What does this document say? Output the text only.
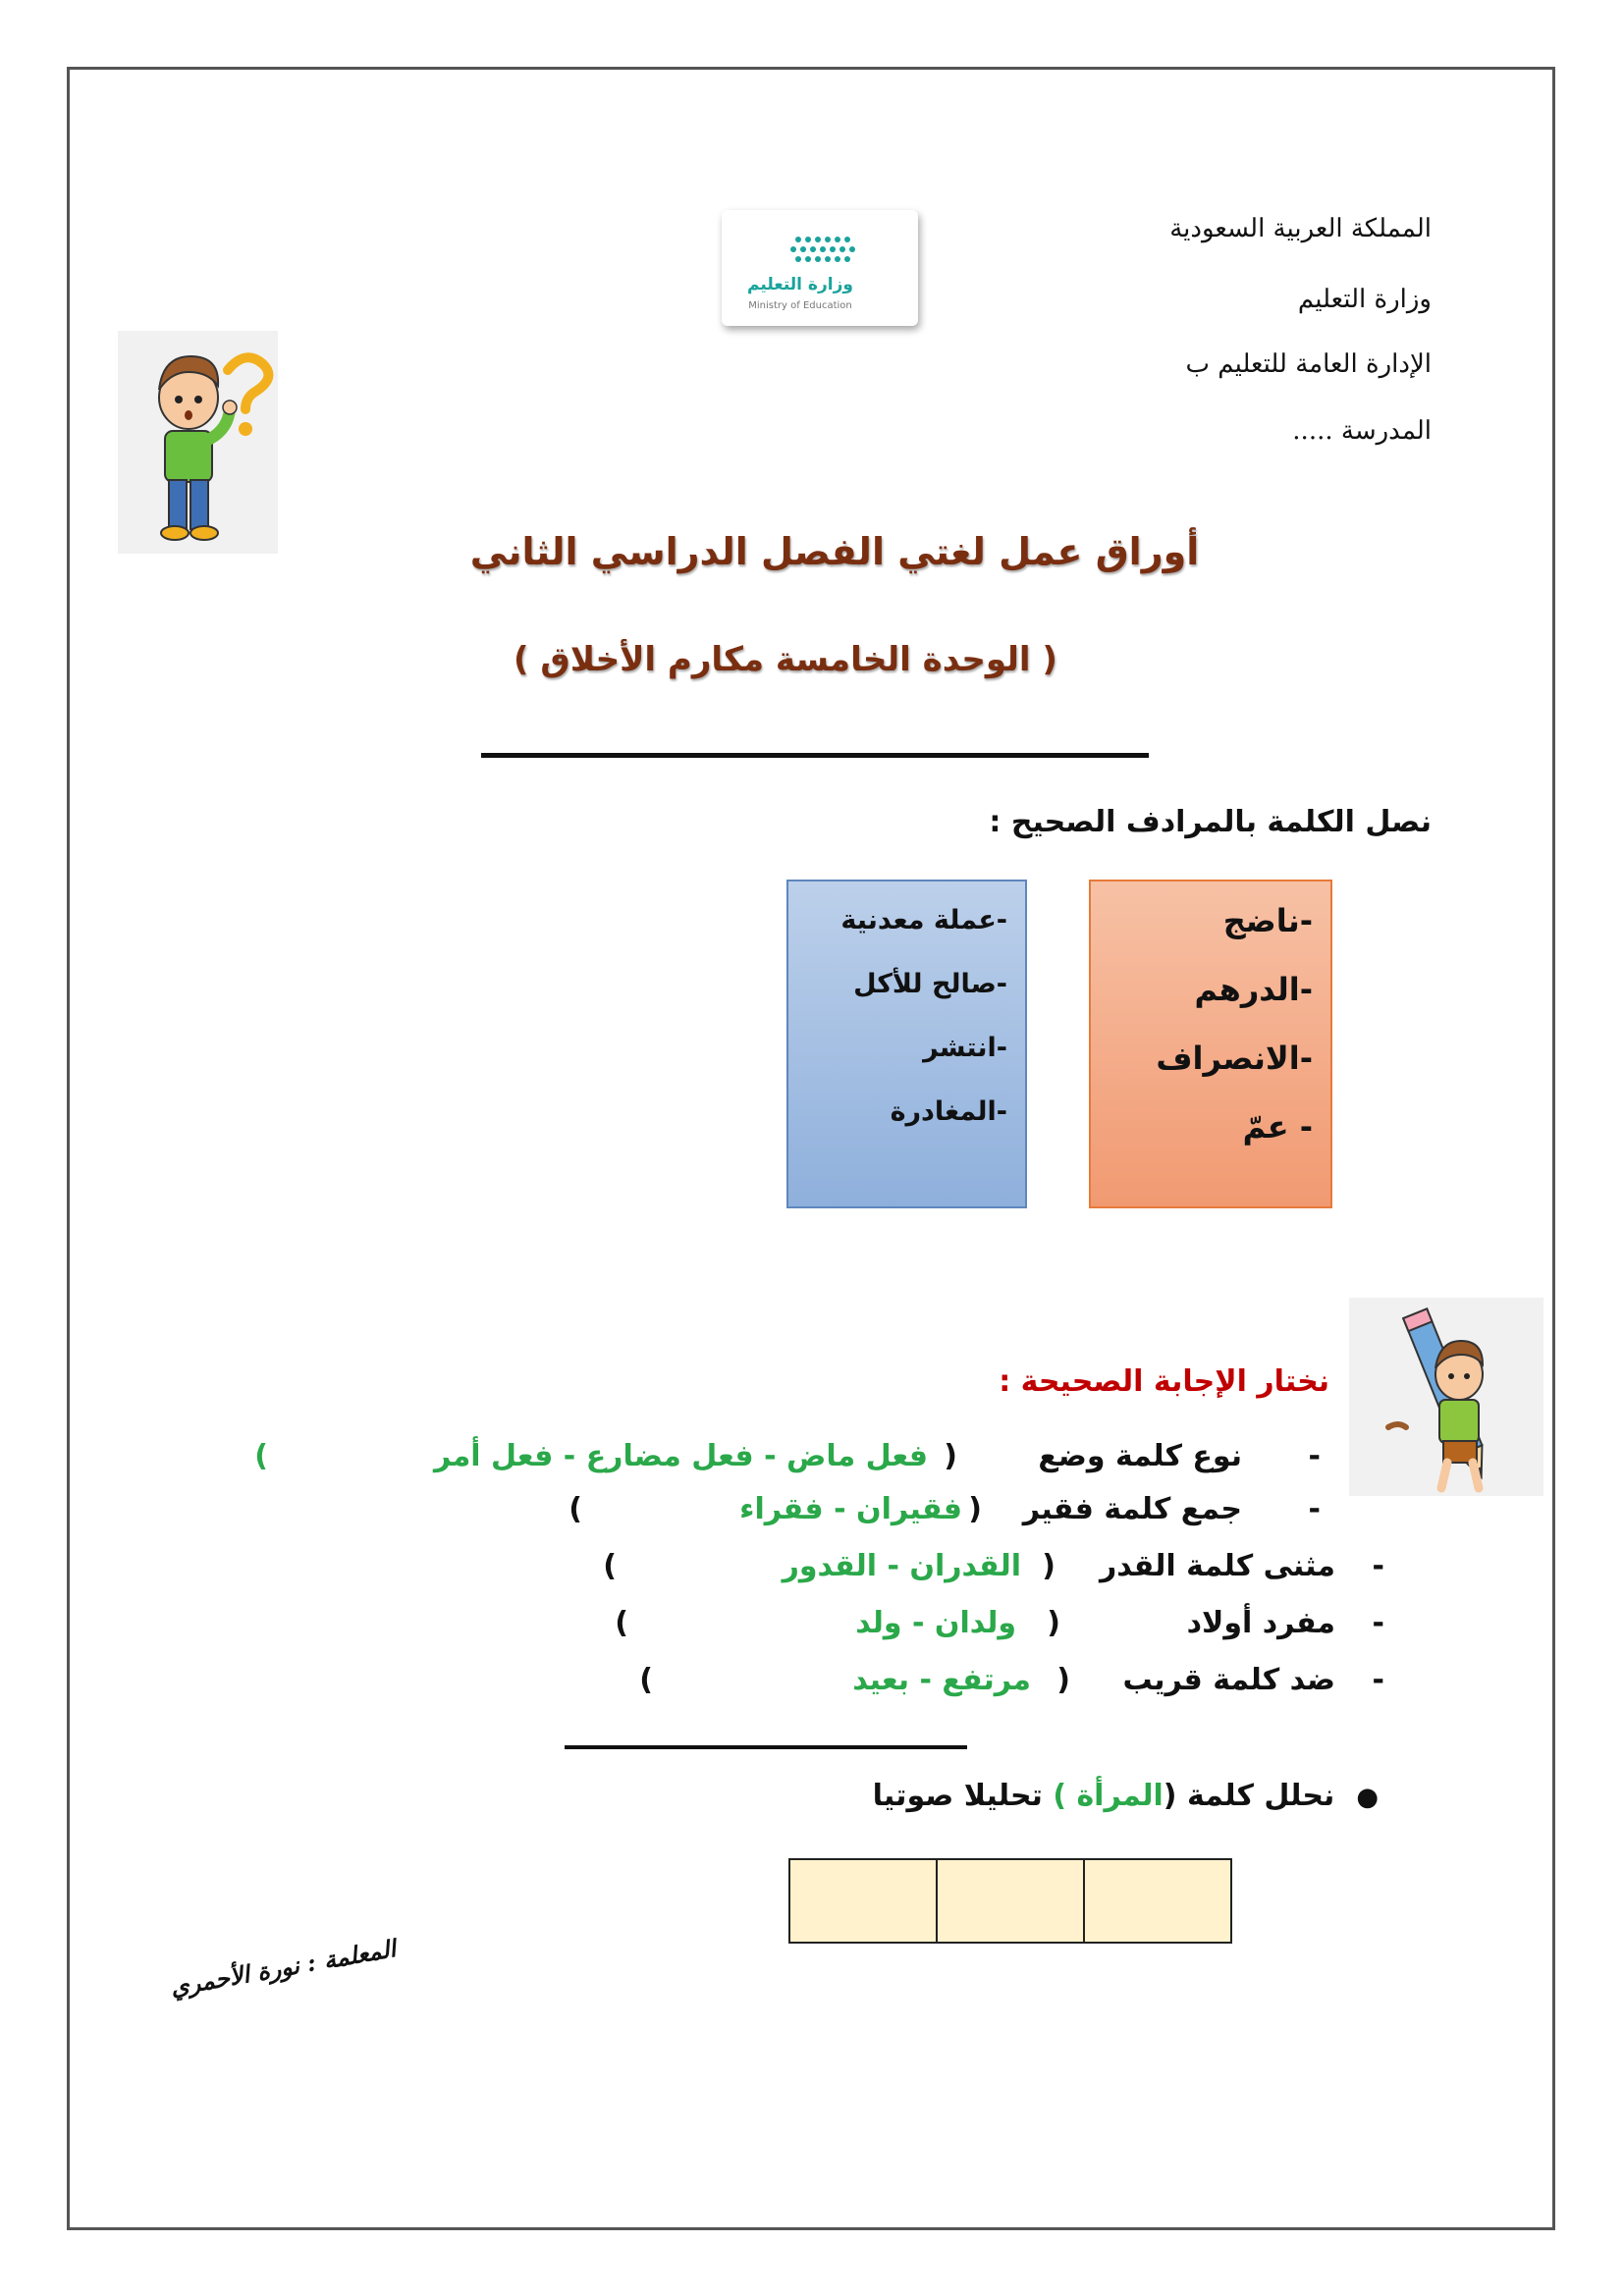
المملكة العربية السعودية
وزارة التعليم
الإدارة العامة للتعليم ب
المدرسة .....
وزارة التعليم
Ministry of Education
أوراق عمل لغتي الفصل الدراسي الثاني
( الوحدة الخامسة مكارم الأخلاق )
نصل الكلمة بالمرادف الصحيح :
-ناضج
-الدرهم
-الانصراف
- عمّ
-عملة معدنية
-صالح للأكل
-انتشر
-المغادرة
نختار الإجابة الصحيحة :
-
نوع كلمة وضع
(
فعل ماض - فعل مضارع - فعل أمر
)
-
جمع كلمة فقير
(
فقيران - فقراء
)
-
مثنى كلمة القدر
(
القدران - القدور
)
-
مفرد أولاد
(
ولدان - ولد
)
-
ضد كلمة قريب
(
مرتفع - بعيد
)
●نحلل كلمة (المرأة ) تحليلا صوتيا
المعلمة : نورة الأحمري
